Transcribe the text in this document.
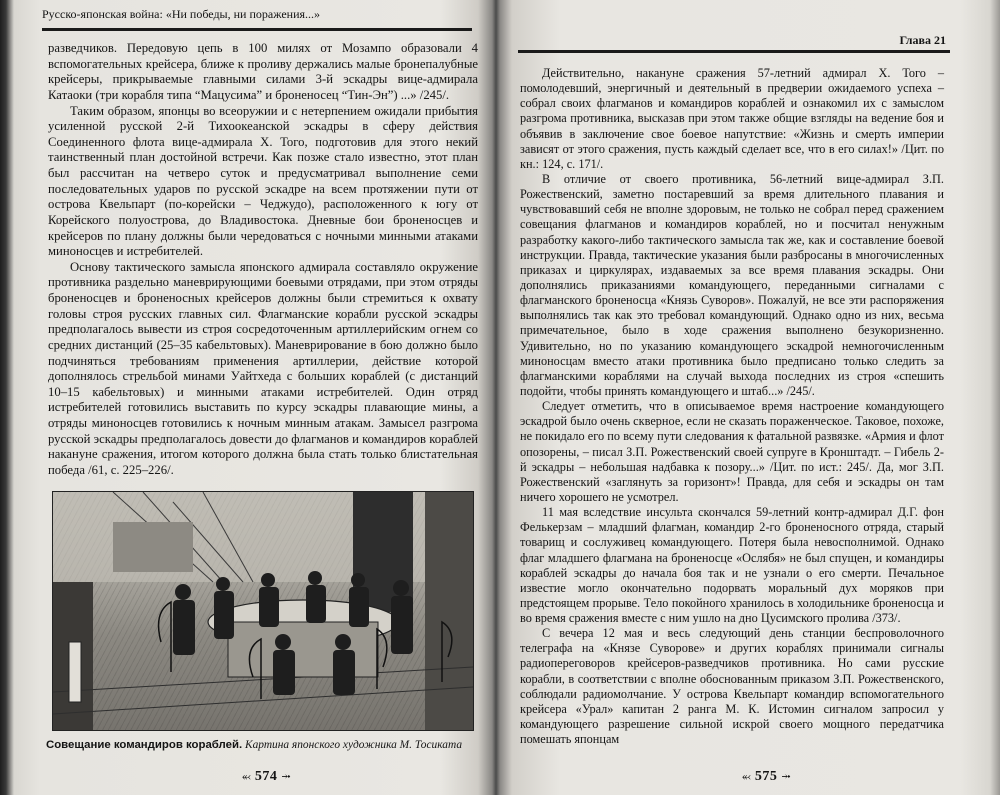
Русско-японская война: «Ни победы, ни поражения...»

разведчиков. Передовую цепь в 100 милях от Мозампо образовали 4 вспомогательных крейсера, ближе к проливу держались малые бронепалубные крейсеры, прикрываемые главными силами 3-й эскадры вице-адмирала Катаоки (три корабля типа “Мацусима” и броненосец “Тин-Эн”) ...» /245/.

Таким образом, японцы во всеоружии и с нетерпением ожидали прибытия усиленной русской 2-й Тихоокеанской эскадры в сферу действия Соединенного флота вице-адмирала Х. Того, подготовив для этого некий таинственный план достойной встречи. Как позже стало известно, этот план был рассчитан на четверо суток и предусматривал выполнение семи последовательных ударов по русской эскадре на всем протяжении пути от острова Квельпарт (по-корейски – Чеджудо), расположенного к югу от Корейского полуострова, до Владивостока. Дневные бои броненосцев и крейсеров по плану должны были чередоваться с ночными минными атаками миноносцев и истребителей.

Основу тактического замысла японского адмирала составляло окружение противника раздельно маневрирующими боевыми отрядами, при этом отряды броненосцев и броненосных крейсеров должны были стремиться к охвату головы строя русских главных сил. Флагманские корабли русской эскадры предполагалось вывести из строя сосредоточенным артиллерийским огнем со средних дистанций (25–35 кабельтовых). Маневрирование в бою должно было подчиняться требованиям применения артиллерии, действие которой дополнялось стрельбой минами Уайтхеда с больших кораблей (с дистанций 10–15 кабельтовых) и минными атаками истребителей. Один отряд истребителей готовились выставить по курсу эскадры плавающие мины, а отряды миноносцев готовились к ночным минным атакам. Замысел разгрома русской эскадры предполагалось довести до флагманов и командиров кораблей накануне сражения, итогом которого должна была стать только блистательная победа /61, с. 225–226/.

Совещание командиров кораблей. Картина японского художника М. Тосиката
⬻ 574 ⤞
Глава 21

Действительно, накануне сражения 57-летний адмирал Х. Того – помолодевший, энергичный и деятельный в предверии ожидаемого успеха – собрал своих флагманов и командиров кораблей и ознакомил их с замыслом разгрома противника, высказав при этом также общие взгляды на ведение боя и объявив в заключение свое боевое напутствие: «Жизнь и смерть империи зависят от этого сражения, пусть каждый сделает все, что в его силах!» /Цит. по кн.: 124, с. 171/.

В отличие от своего противника, 56-летний вице-адмирал З.П. Рожественский, заметно постаревший за время длительного плавания и чувствовавший себя не вполне здоровым, не только не собрал перед сражением совещания флагманов и командиров кораблей, но и посчитал ненужным разработку какого-либо тактического замысла так же, как и составление боевой инструкции. Правда, тактические указания были разбросаны в многочисленных приказах и циркулярах, издаваемых за все время плавания эскадры. Они дополнялись приказаниями командующего, переданными сигналами с флагманского броненосца «Князь Суворов». Пожалуй, не все эти распоряжения выполнялись так как это требовал командующий. Однако одно из них, весьма примечательное, было в ходе сражения выполнено безукоризненно. Удивительно, но по указанию командующего эскадрой немногочисленным миноносцам вместо атаки противника было предписано только следить за флагманскими кораблями на случай выхода последних из строя «спешить подойти, чтобы принять командующего и штаб...» /245/.

Следует отметить, что в описываемое время настроение командующего эскадрой было очень скверное, если не сказать пораженческое. Таковое, похоже, не покидало его по всему пути следования к фатальной развязке. «Армия и флот опозорены, – писал З.П. Рожественский своей супруге в Кронштадт. – Гибель 2-й эскадры – небольшая надбавка к позору...» /Цит. по ист.: 245/. Да, мог З.П. Рожественский «заглянуть за горизонт»! Правда, для себя и эскадры он там ничего хорошего не усмотрел.

11 мая вследствие инсульта скончался 59-летний контр-адмирал Д.Г. фон Фелькерзам – младший флагман, командир 2-го броненосного отряда, старый товарищ и сослуживец командующего. Потеря была невосполнимой. Однако флаг младшего флагмана на броненосце «Ослябя» не был спущен, и командиры кораблей эскадры до начала боя так и не узнали о его смерти. Печальное известие могло окончательно подорвать моральный дух моряков при предстоящем прорыве. Тело покойного хранилось в холодильнике броненосца и во время сражения вместе с ним ушло на дно Цусимского пролива /373/.

С вечера 12 мая и весь следующий день станции беспроволочного телеграфа на «Князе Суворове» и других кораблях принимали сигналы радиопереговоров крейсеров-разведчиков противника. Но сами русские корабли, в соответствии с вполне обоснованным приказом З.П. Рожественского, соблюдали радиомолчание. У острова Квельпарт командир вспомогательного крейсера «Урал» капитан 2 ранга М. К. Истомин сигналом запросил у командующего разрешение сильной искрой своего мощного передатчика помешать японцам

⬻ 575 ⤞
